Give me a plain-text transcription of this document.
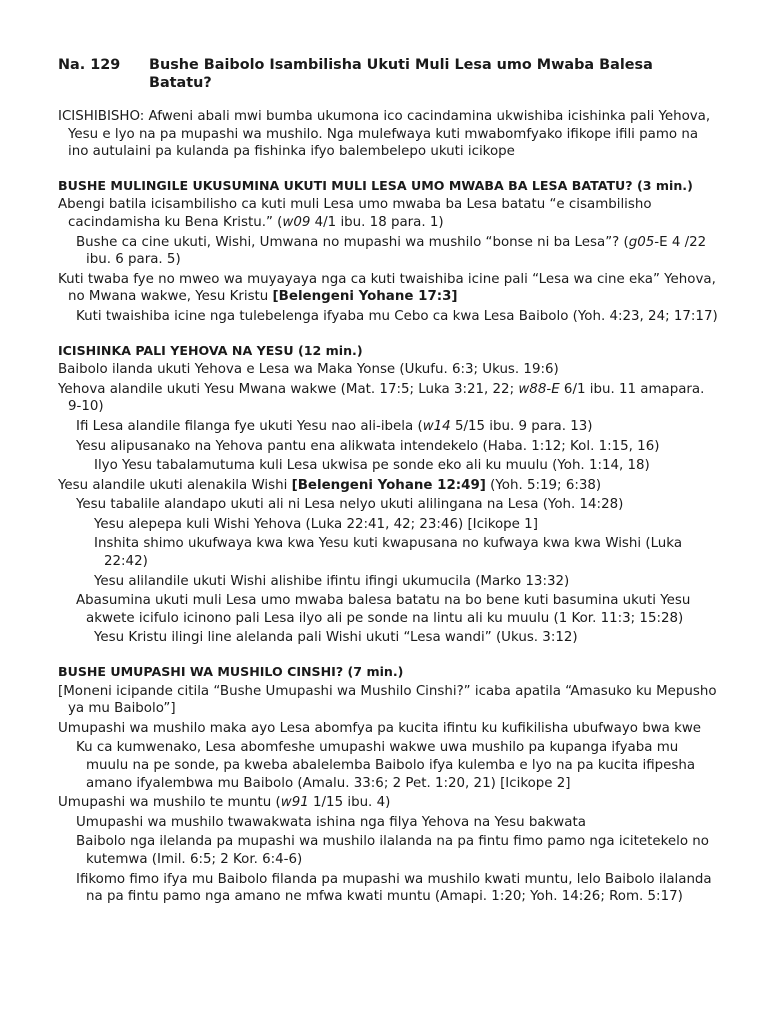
Na. 129	Bushe Baibolo Isambilisha Ukuti Muli Lesa umo Mwaba Balesa Batatu?
ICISHIBISHO: Afweni abali mwi bumba ukumona ico cacindamina ukwishiba icishinka pali Yehova, Yesu e lyo na pa mupashi wa mushilo. Nga mulefwaya kuti mwabomfyako ifikope ifili pamo na ino autulaini pa kulanda pa fishinka ifyo balembelepo ukuti icikope
BUSHE MULINGILE UKUSUMINA UKUTI MULI LESA UMO MWABA BA LESA BATATU? (3 min.)
Abengi batila icisambilisho ca kuti muli Lesa umo mwaba ba Lesa batatu “e cisambilisho cacindamisha ku Bena Kristu.” (w09 4/1 ibu. 18 para. 1)
Bushe ca cine ukuti, Wishi, Umwana no mupashi wa mushilo “bonse ni ba Lesa”? (g05-E 4 /22 ibu. 6 para. 5)
Kuti twaba fye no mweo wa muyayaya nga ca kuti twaishiba icine pali “Lesa wa cine eka” Yehova, no Mwana wakwe, Yesu Kristu [Belengeni Yohane 17:3]
Kuti twaishiba icine nga tulebelenga ifyaba mu Cebo ca kwa Lesa Baibolo (Yoh. 4:23, 24; 17:17)
ICISHINKA PALI YEHOVA NA YESU (12 min.)
Baibolo ilanda ukuti Yehova e Lesa wa Maka Yonse (Ukufu. 6:3; Ukus. 19:6)
Yehova alandile ukuti Yesu Mwana wakwe (Mat. 17:5; Luka 3:21, 22; w88-E 6/1 ibu. 11 amapara. 9-10)
Ifi Lesa alandile filanga fye ukuti Yesu nao ali-ibela (w14 5/15 ibu. 9 para. 13)
Yesu alipusanako na Yehova pantu ena alikwata intendekelo (Haba. 1:12; Kol. 1:15, 16)
Ilyo Yesu tabalamutuma kuli Lesa ukwisa pe sonde eko ali ku muulu (Yoh. 1:14, 18)
Yesu alandile ukuti alenakila Wishi [Belengeni Yohane 12:49] (Yoh. 5:19; 6:38)
Yesu tabalile alandapo ukuti ali ni Lesa nelyo ukuti alilingana na Lesa (Yoh. 14:28)
Yesu alepepa kuli Wishi Yehova (Luka 22:41, 42; 23:46) [Icikope 1]
Inshita shimo ukufwaya kwa kwa Yesu kuti kwapusana no kufwaya kwa kwa Wishi (Luka 22:42)
Yesu alilandile ukuti Wishi alishibe ifintu ifingi ukumucila (Marko 13:32)
Abasumina ukuti muli Lesa umo mwaba balesa batatu na bo bene kuti basumina ukuti Yesu akwete icifulo icinono pali Lesa ilyo ali pe sonde na lintu ali ku muulu (1 Kor. 11:3; 15:28)
Yesu Kristu ilingi line alelanda pali Wishi ukuti “Lesa wandi” (Ukus. 3:12)
BUSHE UMUPASHI WA MUSHILO CINSHI? (7 min.)
[Moneni icipande citila “Bushe Umupashi wa Mushilo Cinshi?” icaba apatila “Amasuko ku Mepusho ya mu Baibolo”]
Umupashi wa mushilo maka ayo Lesa abomfya pa kucita ifintu ku kufikilisha ubufwayo bwa kwe
Ku ca kumwenako, Lesa abomfeshe umupashi wakwe uwa mushilo pa kupanga ifyaba mu muulu na pe sonde, pa kweba abalelemba Baibolo ifya kulemba e lyo na pa kucita ifipesha amano ifyalembwa mu Baibolo (Amalu. 33:6; 2 Pet. 1:20, 21) [Icikope 2]
Umupashi wa mushilo te muntu (w91 1/15 ibu. 4)
Umupashi wa mushilo twawakwata ishina nga filya Yehova na Yesu bakwata
Baibolo nga ilelanda pa mupashi wa mushilo ilalanda na pa fintu fimo pamo nga icitetekelo no kutemwa (Imil. 6:5; 2 Kor. 6:4-6)
Ifikomo fimo ifya mu Baibolo filanda pa mupashi wa mushilo kwati muntu, lelo Baibolo ilalanda na pa fintu pamo nga amano ne mfwa kwati muntu (Amapi. 1:20; Yoh. 14:26; Rom. 5:17)
